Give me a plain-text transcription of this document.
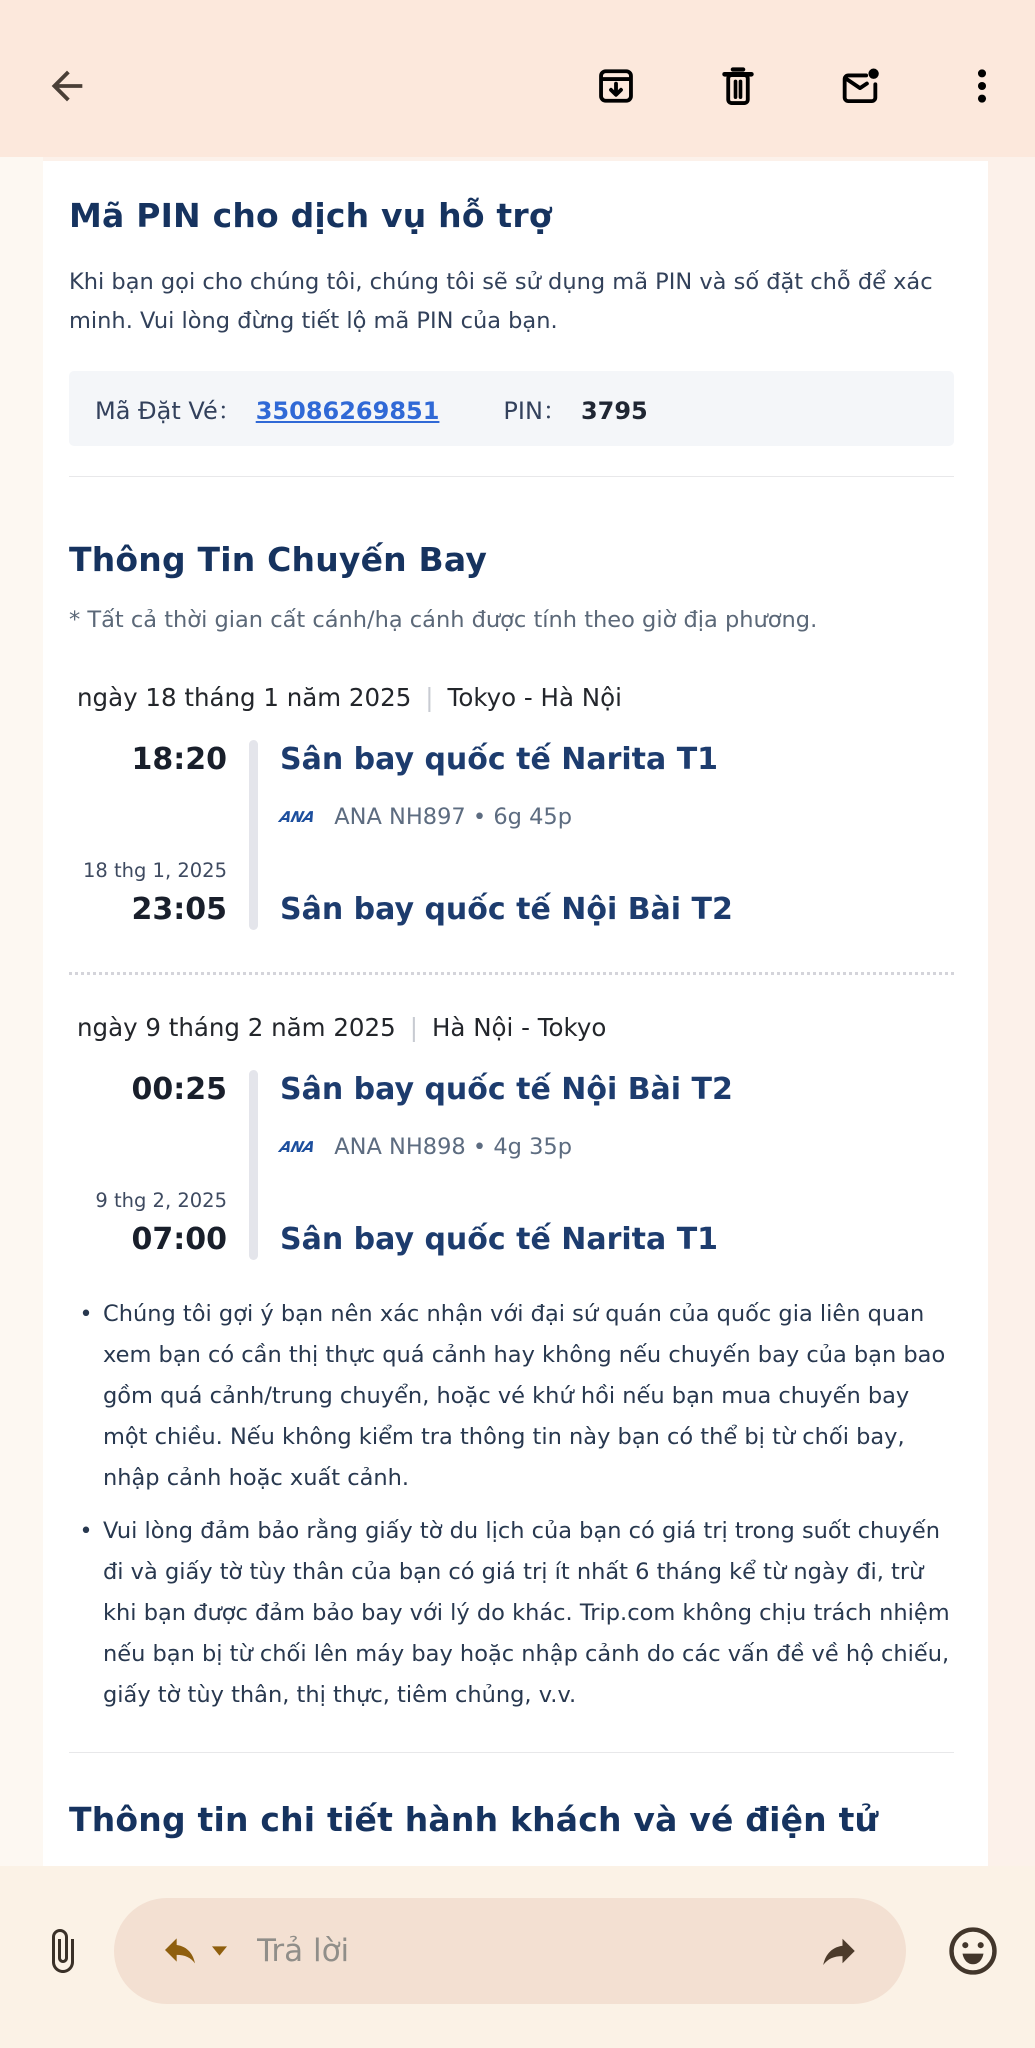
Mã PIN cho dịch vụ hỗ trợ

Khi bạn gọi cho chúng tôi, chúng tôi sẽ sử dụng mã PIN và số đặt chỗ để xác minh. Vui lòng đừng tiết lộ mã PIN của bạn.

Mã Đặt Vé： 35086269851	PIN： 3795
Thông Tin Chuyến Bay

* Tất cả thời gian cất cánh/hạ cánh được tính theo giờ địa phương.

ngày 18 tháng 1 năm 2025 | Tokyo - Hà Nội
18:20 Sân bay quốc tế Narita T1
ANA ANA NH897 • 6g 45p
18 thg 1, 2025
23:05 Sân bay quốc tế Nội Bài T2
ngày 9 tháng 2 năm 2025 | Hà Nội - Tokyo
00:25 Sân bay quốc tế Nội Bài T2
ANA ANA NH898 • 4g 35p
9 thg 2, 2025
07:00 Sân bay quốc tế Narita T1
• Chúng tôi gợi ý bạn nên xác nhận với đại sứ quán của quốc gia liên quan xem bạn có cần thị thực quá cảnh hay không nếu chuyến bay của bạn bao gồm quá cảnh/trung chuyển, hoặc vé khứ hồi nếu bạn mua chuyến bay một chiều. Nếu không kiểm tra thông tin này bạn có thể bị từ chối bay, nhập cảnh hoặc xuất cảnh.
• Vui lòng đảm bảo rằng giấy tờ du lịch của bạn có giá trị trong suốt chuyến đi và giấy tờ tùy thân của bạn có giá trị ít nhất 6 tháng kể từ ngày đi, trừ khi bạn được đảm bảo bay với lý do khác. Trip.com không chịu trách nhiệm nếu bạn bị từ chối lên máy bay hoặc nhập cảnh do các vấn đề về hộ chiếu, giấy tờ tùy thân, thị thực, tiêm chủng, v.v.
Thông tin chi tiết hành khách và vé điện tử

Trả lời
